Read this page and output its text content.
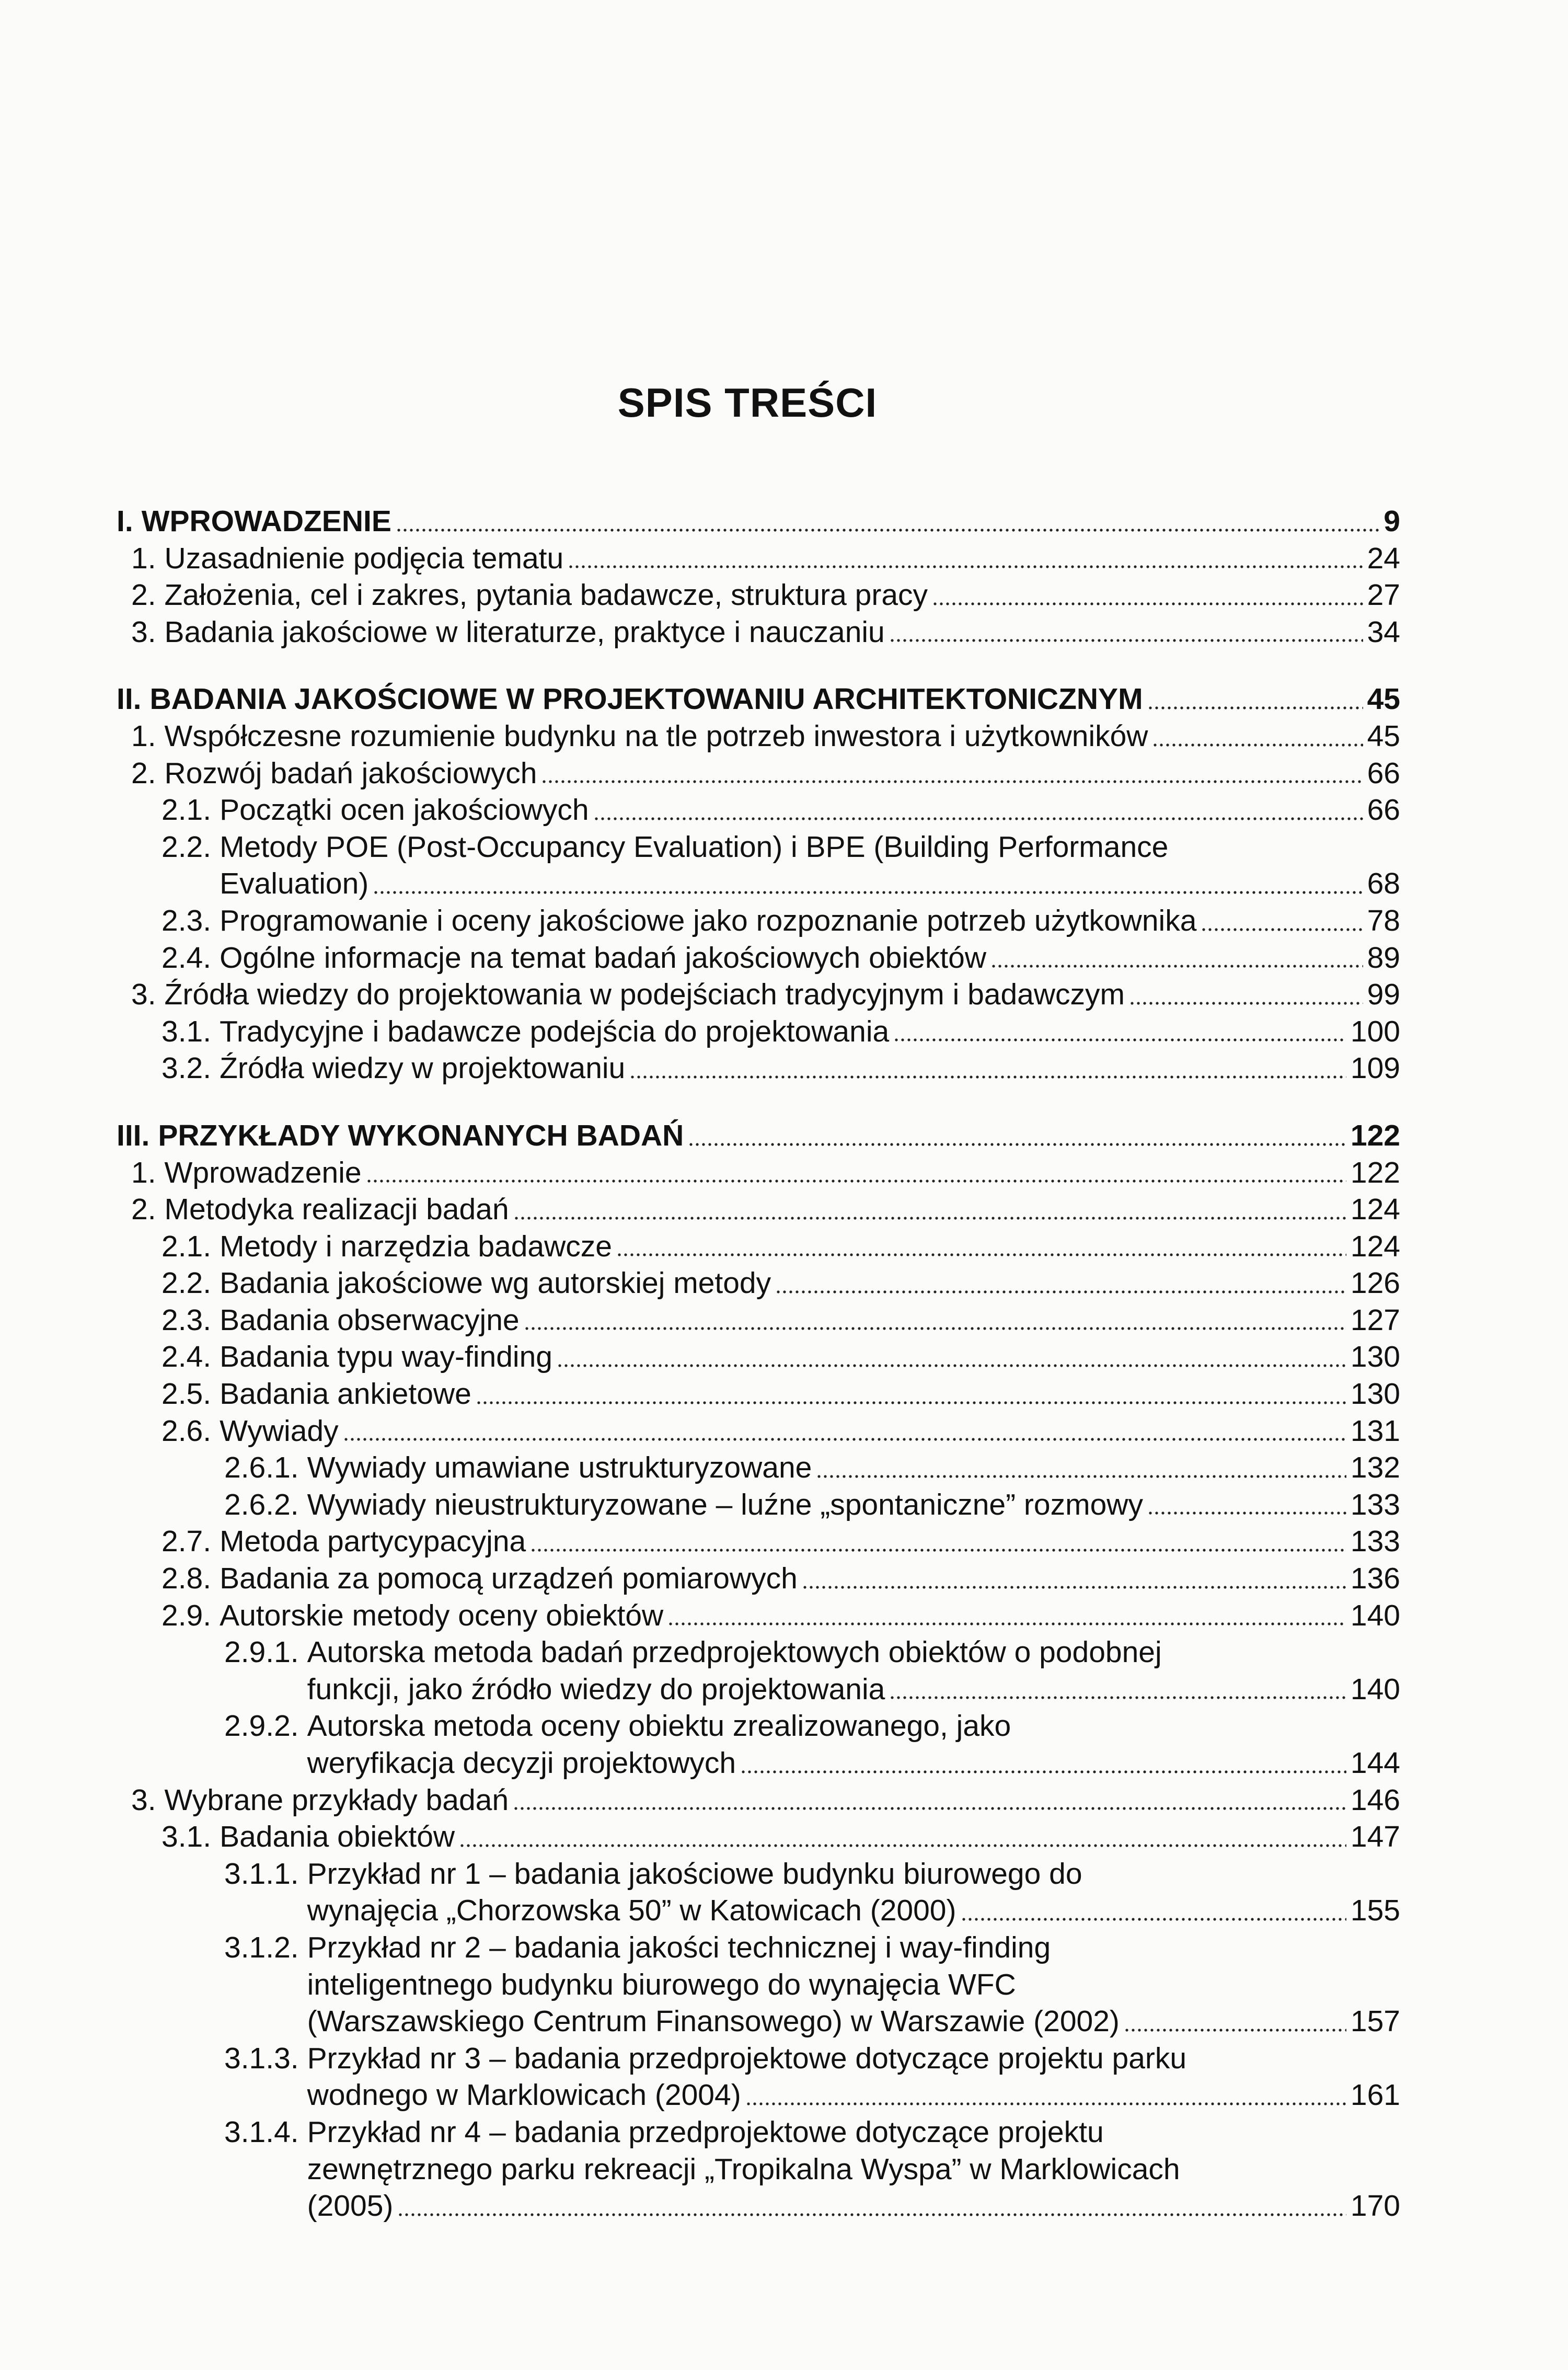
SPIS TREŚCI
I. WPROWADZENIE	9
1. Uzasadnienie podjęcia tematu	24
2. Założenia, cel i zakres, pytania badawcze, struktura pracy	27
3. Badania jakościowe w literaturze, praktyce i nauczaniu	34
II. BADANIA JAKOŚCIOWE W PROJEKTOWANIU ARCHITEKTONICZNYM	45
1. Współczesne rozumienie budynku na tle potrzeb inwestora i użytkowników	45
2. Rozwój badań jakościowych	66
2.1. Początki ocen jakościowych	66
2.2. Metody POE (Post-Occupancy Evaluation) i BPE (Building Performance
Evaluation)	68
2.3. Programowanie i oceny jakościowe jako rozpoznanie potrzeb użytkownika	78
2.4. Ogólne informacje na temat badań jakościowych obiektów	89
3. Źródła wiedzy do projektowania w podejściach tradycyjnym i badawczym	99
3.1. Tradycyjne i badawcze podejścia do projektowania	100
3.2. Źródła wiedzy w projektowaniu	109
III. PRZYKŁADY WYKONANYCH BADAŃ	122
1. Wprowadzenie	122
2. Metodyka realizacji badań	124
2.1. Metody i narzędzia badawcze	124
2.2. Badania jakościowe wg autorskiej metody	126
2.3. Badania obserwacyjne	127
2.4. Badania typu way-finding	130
2.5. Badania ankietowe	130
2.6. Wywiady	131
2.6.1. Wywiady umawiane ustrukturyzowane	132
2.6.2. Wywiady nieustrukturyzowane – luźne „spontaniczne” rozmowy	133
2.7. Metoda partycypacyjna	133
2.8. Badania za pomocą urządzeń pomiarowych	136
2.9. Autorskie metody oceny obiektów	140
2.9.1. Autorska metoda badań przedprojektowych obiektów o podobnej
funkcji, jako źródło wiedzy do projektowania	140
2.9.2. Autorska metoda oceny obiektu zrealizowanego, jako
weryfikacja decyzji projektowych	144
3. Wybrane przykłady badań	146
3.1. Badania obiektów	147
3.1.1. Przykład nr 1 – badania jakościowe budynku biurowego do
wynajęcia „Chorzowska 50” w Katowicach (2000)	155
3.1.2. Przykład nr 2 – badania jakości technicznej i way-finding
inteligentnego budynku biurowego do wynajęcia WFC
(Warszawskiego Centrum Finansowego) w Warszawie (2002)	157
3.1.3. Przykład nr 3 – badania przedprojektowe dotyczące projektu parku
wodnego w Marklowicach (2004)	161
3.1.4. Przykład nr 4 – badania przedprojektowe dotyczące projektu
zewnętrznego parku rekreacji „Tropikalna Wyspa” w Marklowicach
(2005)	170
